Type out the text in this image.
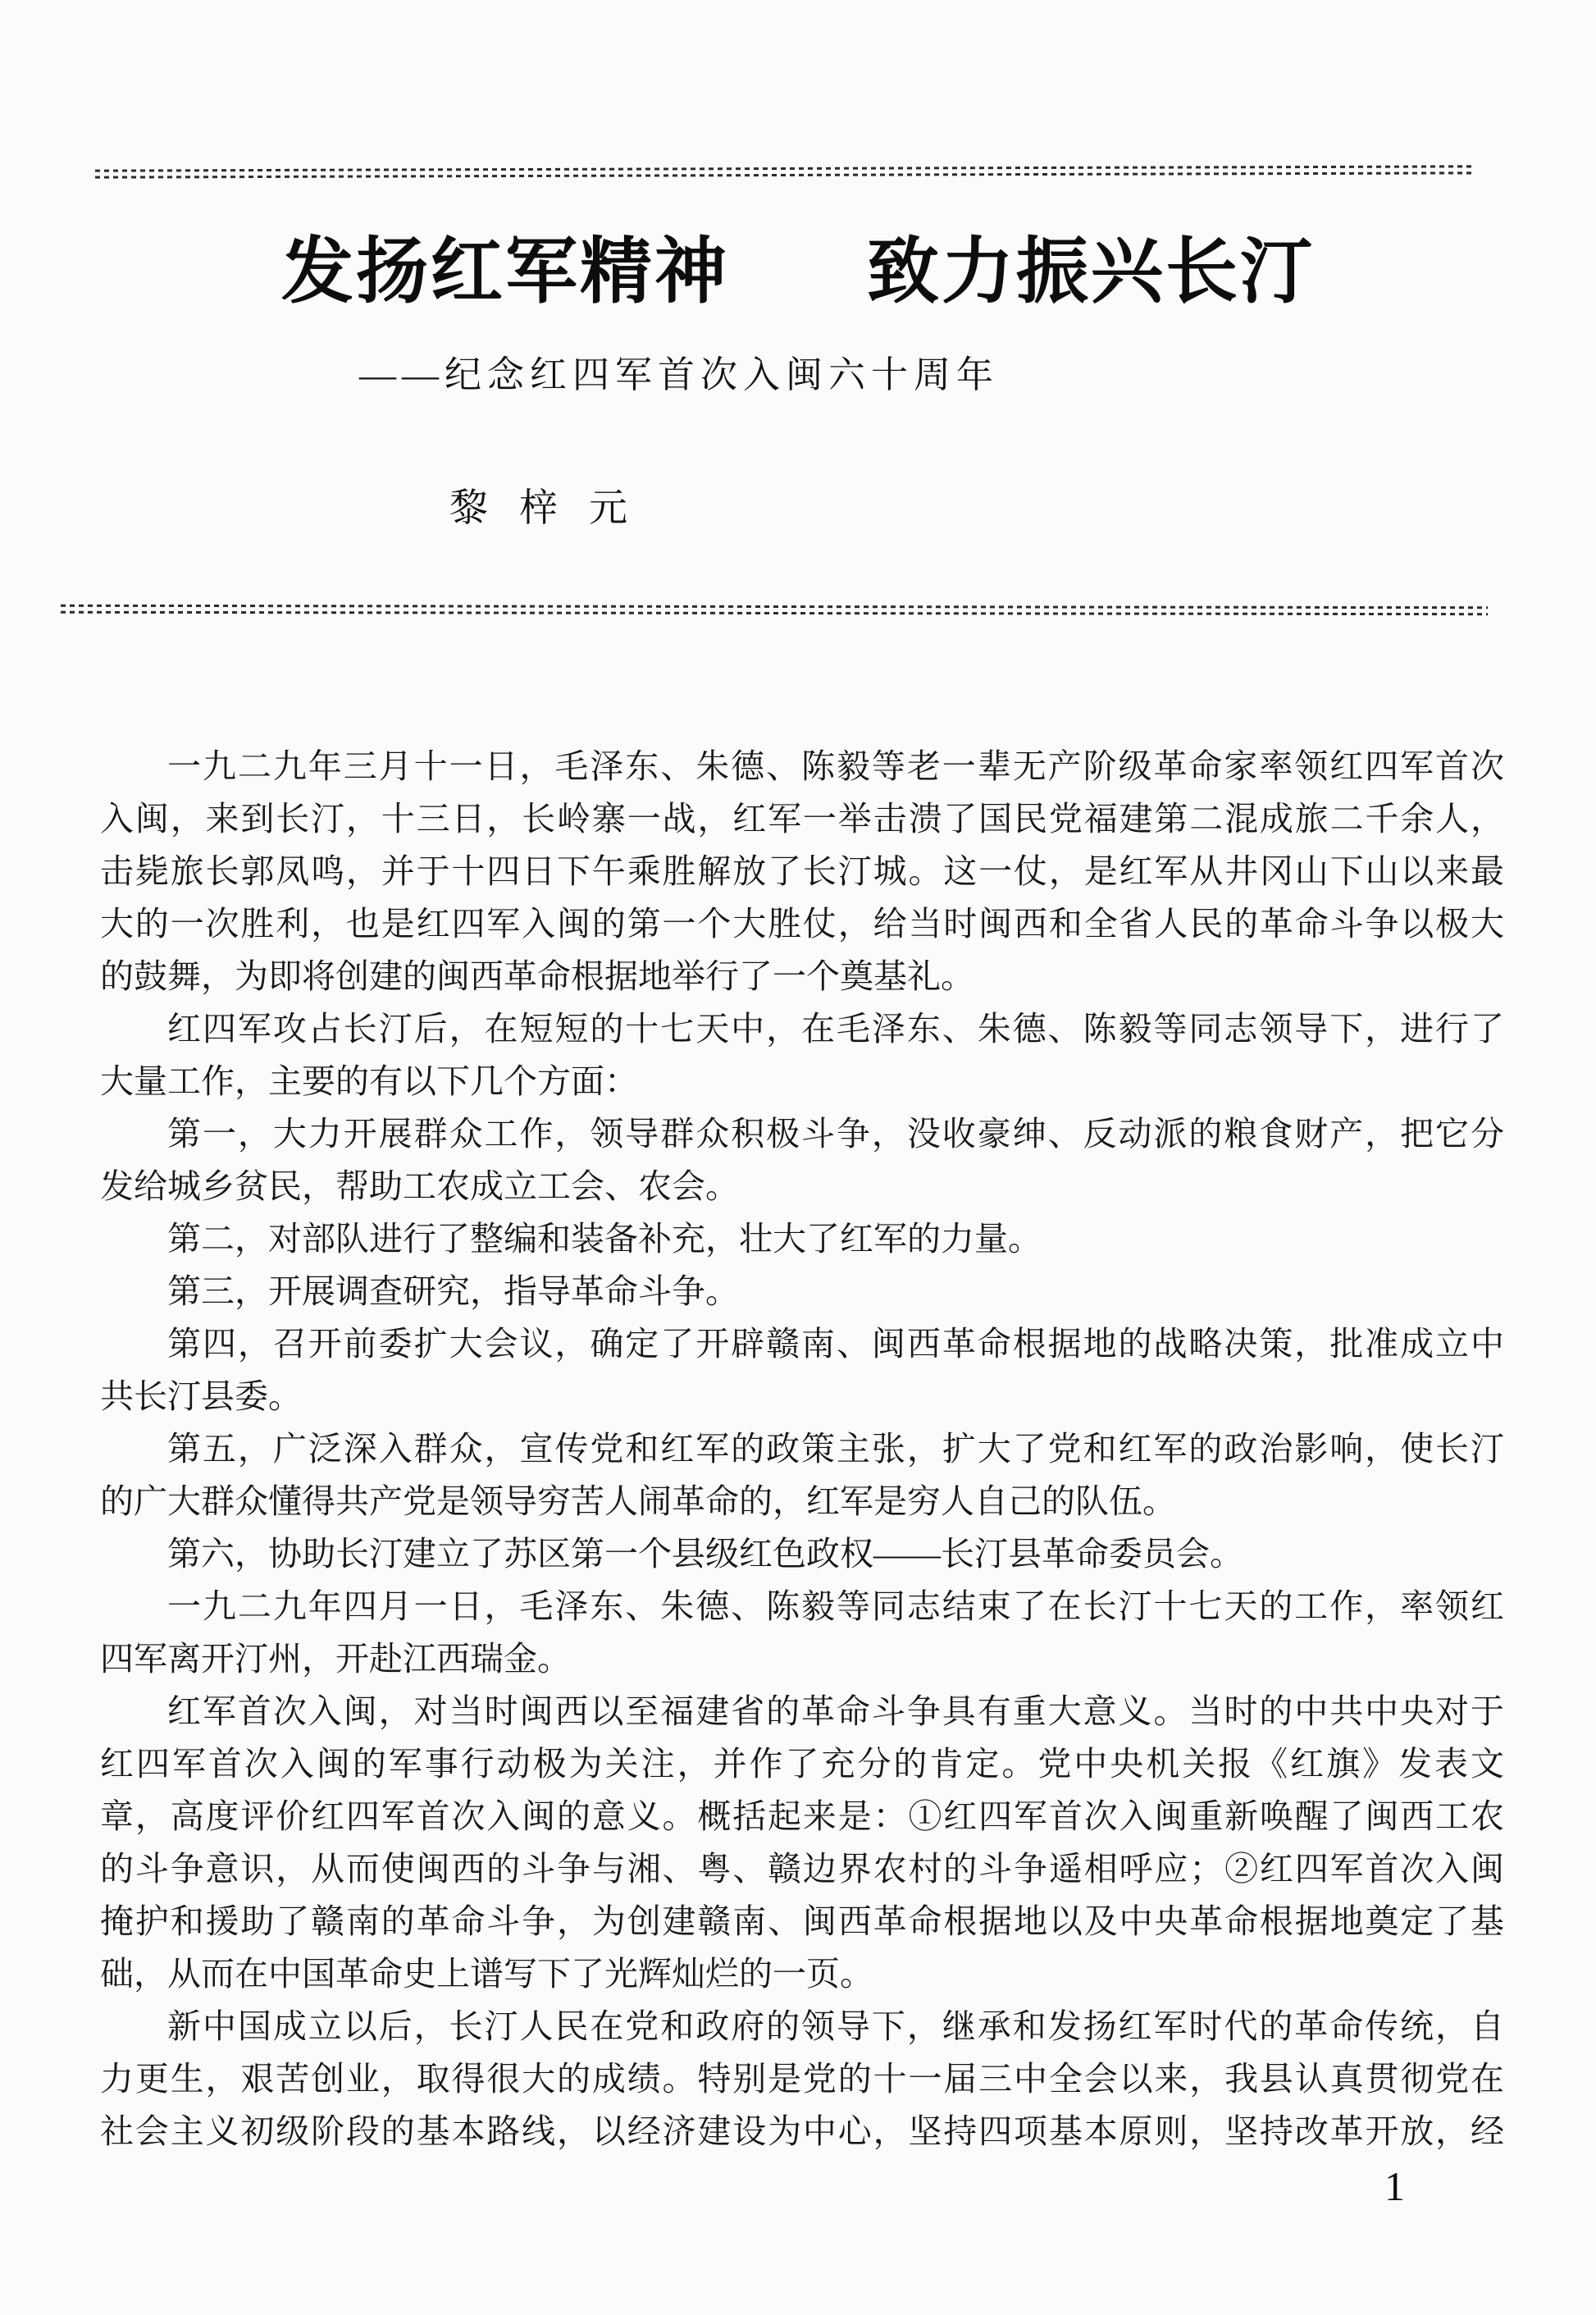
发扬红军精神 致力振兴长汀
——纪念红四军首次入闽六十周年
黎梓元
一九二九年三月十一日，毛泽东、朱德、陈毅等老一辈无产阶级革命家率领红四军首次
入闽，来到长汀，十三日，长岭寨一战，红军一举击溃了国民党福建第二混成旅二千余人，
击毙旅长郭凤鸣，并于十四日下午乘胜解放了长汀城。这一仗，是红军从井冈山下山以来最
大的一次胜利，也是红四军入闽的第一个大胜仗，给当时闽西和全省人民的革命斗争以极大
的鼓舞，为即将创建的闽西革命根据地举行了一个奠基礼。
红四军攻占长汀后，在短短的十七天中，在毛泽东、朱德、陈毅等同志领导下，进行了
大量工作，主要的有以下几个方面：
第一，大力开展群众工作，领导群众积极斗争，没收豪绅、反动派的粮食财产，把它分
发给城乡贫民，帮助工农成立工会、农会。
第二，对部队进行了整编和装备补充，壮大了红军的力量。
第三，开展调查研究，指导革命斗争。
第四，召开前委扩大会议，确定了开辟赣南、闽西革命根据地的战略决策，批准成立中
共长汀县委。
第五，广泛深入群众，宣传党和红军的政策主张，扩大了党和红军的政治影响，使长汀
的广大群众懂得共产党是领导穷苦人闹革命的，红军是穷人自己的队伍。
第六，协助长汀建立了苏区第一个县级红色政权——长汀县革命委员会。
一九二九年四月一日，毛泽东、朱德、陈毅等同志结束了在长汀十七天的工作，率领红
四军离开汀州，开赴江西瑞金。
红军首次入闽，对当时闽西以至福建省的革命斗争具有重大意义。当时的中共中央对于
红四军首次入闽的军事行动极为关注，并作了充分的肯定。党中央机关报《红旗》发表文
章，高度评价红四军首次入闽的意义。概括起来是：①红四军首次入闽重新唤醒了闽西工农
的斗争意识，从而使闽西的斗争与湘、粤、赣边界农村的斗争遥相呼应；②红四军首次入闽
掩护和援助了赣南的革命斗争，为创建赣南、闽西革命根据地以及中央革命根据地奠定了基
础，从而在中国革命史上谱写下了光辉灿烂的一页。
新中国成立以后，长汀人民在党和政府的领导下，继承和发扬红军时代的革命传统，自
力更生，艰苦创业，取得很大的成绩。特别是党的十一届三中全会以来，我县认真贯彻党在
社会主义初级阶段的基本路线，以经济建设为中心，坚持四项基本原则，坚持改革开放，经
1
